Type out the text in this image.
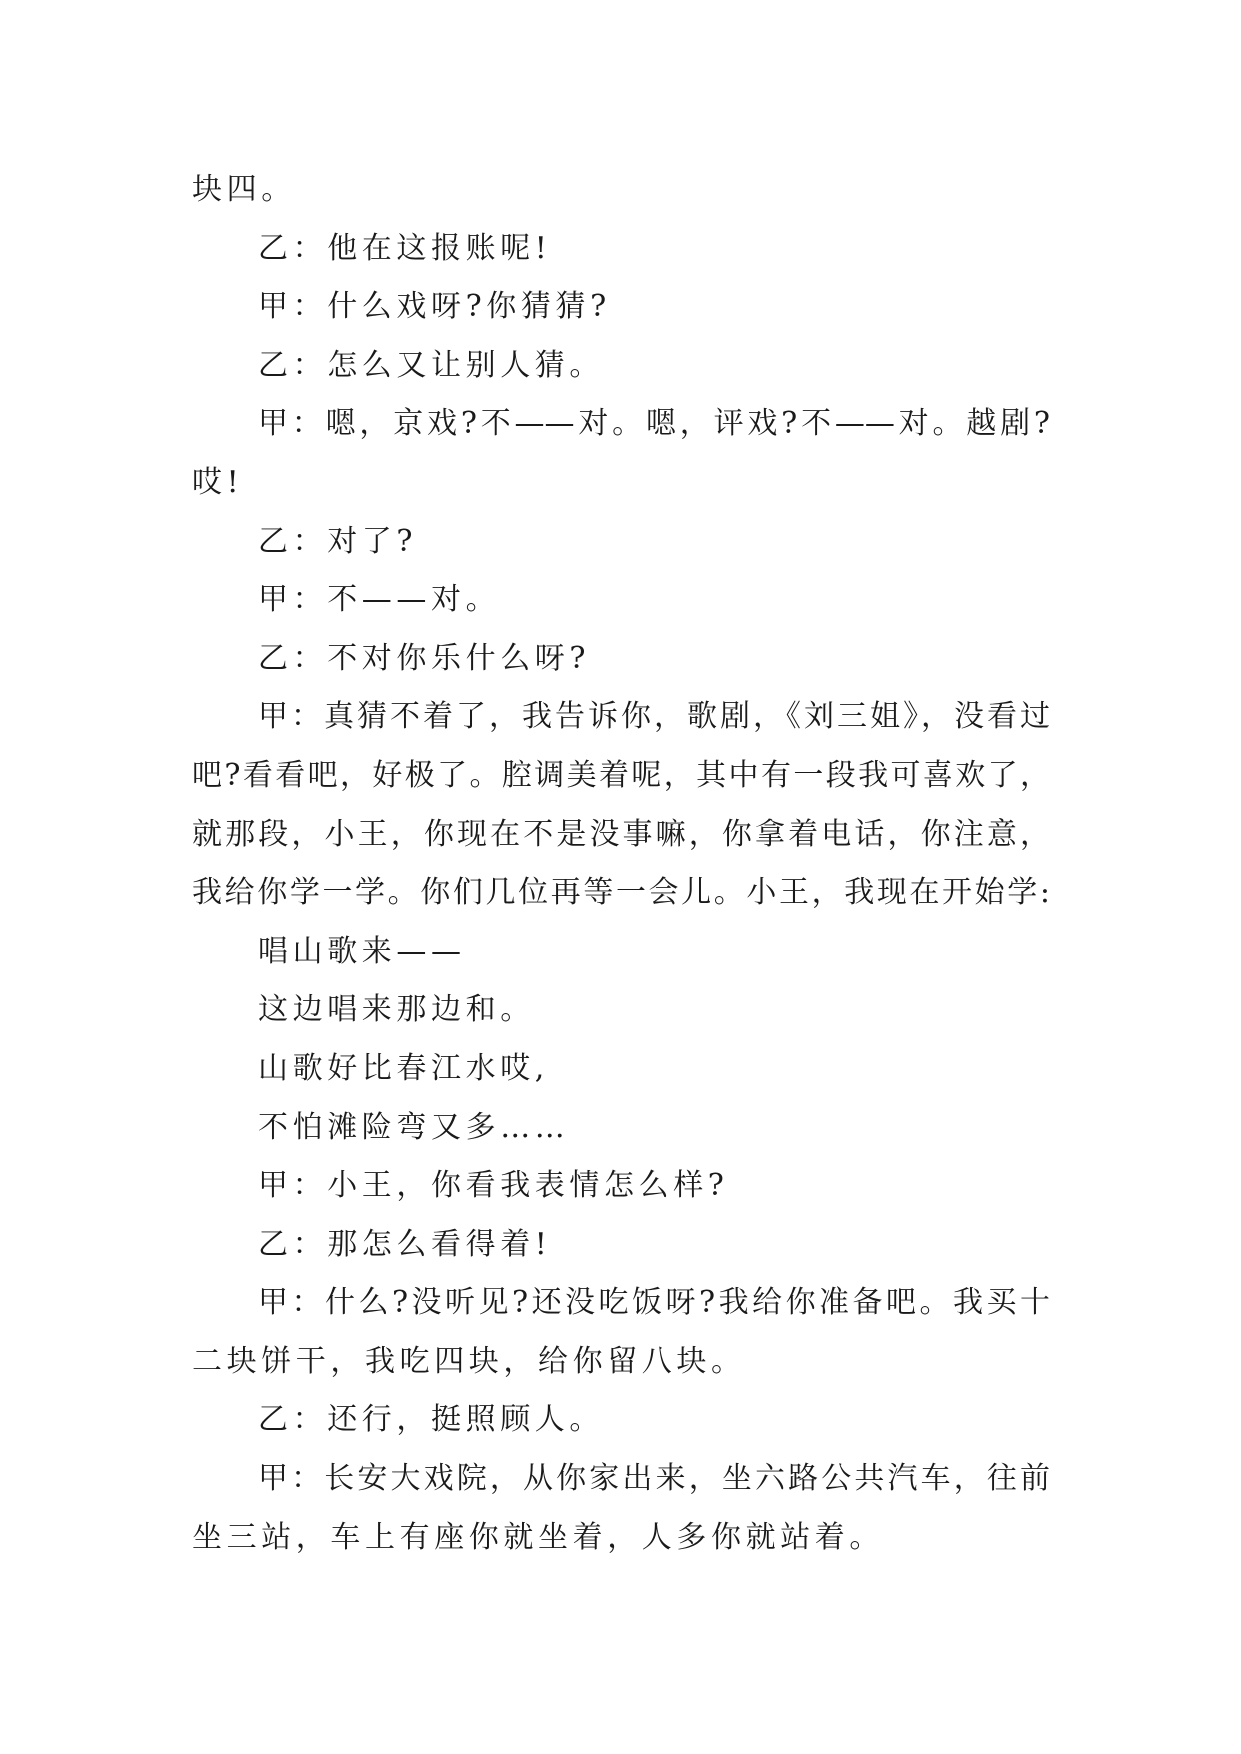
块四。
乙：他在这报账呢!
甲：什么戏呀?你猜猜?
乙：怎么又让别人猜。
甲：嗯，京戏?不——对。嗯，评戏?不——对。越剧?
哎!
乙：对了?
甲：不——对。
乙：不对你乐什么呀?
甲：真猜不着了，我告诉你，歌剧，《刘三姐》，没看过
吧?看看吧，好极了。腔调美着呢，其中有一段我可喜欢了，
就那段，小王，你现在不是没事嘛，你拿着电话，你注意，
我给你学一学。你们几位再等一会儿。小王，我现在开始学:
唱山歌来——
这边唱来那边和。
山歌好比春江水哎,
不怕滩险弯又多……
甲：小王，你看我表情怎么样?
乙：那怎么看得着!
甲：什么?没听见?还没吃饭呀?我给你准备吧。我买十
二块饼干，我吃四块，给你留八块。
乙：还行，挺照顾人。
甲：长安大戏院，从你家出来，坐六路公共汽车，往前
坐三站，车上有座你就坐着，人多你就站着。
